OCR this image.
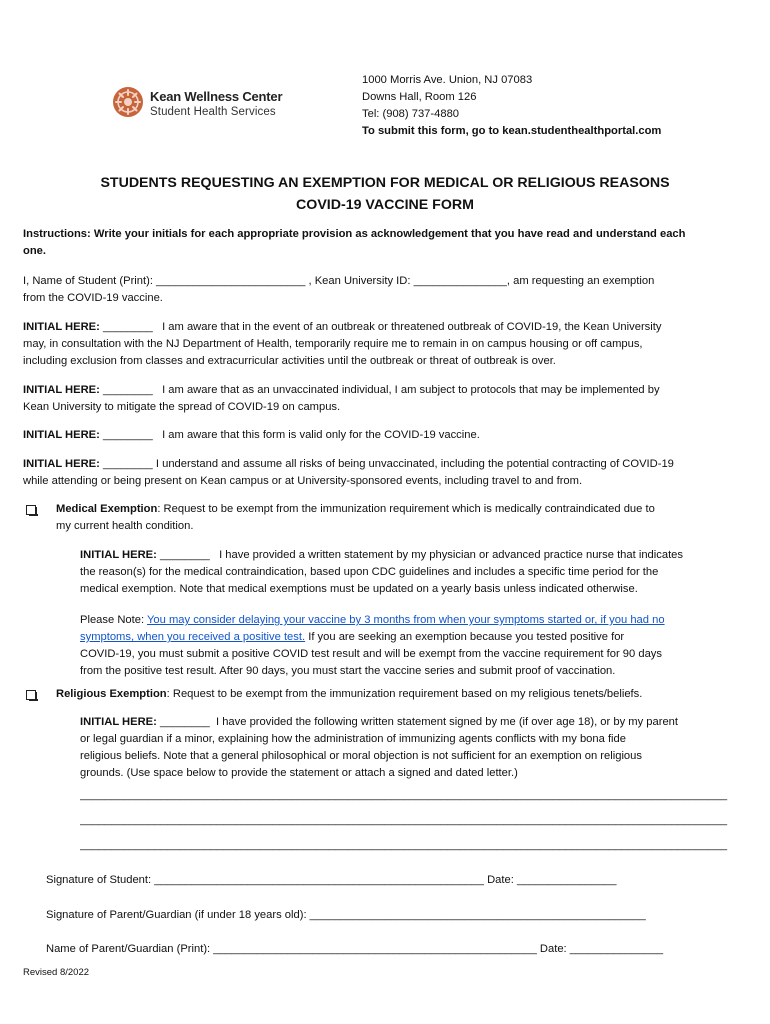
Kean Wellness Center
Student Health Services
1000 Morris Ave. Union, NJ 07083
Downs Hall, Room 126
Tel: (908) 737-4880
To submit this form, go to kean.studenthealthportal.com
STUDENTS REQUESTING AN EXEMPTION FOR MEDICAL OR RELIGIOUS REASONS
COVID-19 VACCINE FORM
Instructions: Write your initials for each appropriate provision as acknowledgement that you have read and understand each
one.
I, Name of Student (Print): ________________________ , Kean University ID: _______________, am requesting an exemption
from the COVID-19 vaccine.
INITIAL HERE: ________ I am aware that in the event of an outbreak or threatened outbreak of COVID-19, the Kean University
may, in consultation with the NJ Department of Health, temporarily require me to remain in on campus housing or off campus,
including exclusion from classes and extracurricular activities until the outbreak or threat of outbreak is over.
INITIAL HERE: ________ I am aware that as an unvaccinated individual, I am subject to protocols that may be implemented by
Kean University to mitigate the spread of COVID-19 on campus.
INITIAL HERE: ________ I am aware that this form is valid only for the COVID-19 vaccine.
INITIAL HERE: ________ I understand and assume all risks of being unvaccinated, including the potential contracting of COVID-19
while attending or being present on Kean campus or at University-sponsored events, including travel to and from.
Medical Exemption: Request to be exempt from the immunization requirement which is medically contraindicated due to
my current health condition.
INITIAL HERE: ________ I have provided a written statement by my physician or advanced practice nurse that indicates
the reason(s) for the medical contraindication, based upon CDC guidelines and includes a specific time period for the
medical exemption. Note that medical exemptions must be updated on a yearly basis unless indicated otherwise.
Please Note: You may consider delaying your vaccine by 3 months from when your symptoms started or, if you had no
symptoms, when you received a positive test. If you are seeking an exemption because you tested positive for
COVID-19, you must submit a positive COVID test result and will be exempt from the vaccine requirement for 90 days
from the positive test result. After 90 days, you must start the vaccine series and submit proof of vaccination.
Religious Exemption: Request to be exempt from the immunization requirement based on my religious tenets/beliefs.
INITIAL HERE: ________ I have provided the following written statement signed by me (if over age 18), or by my parent
or legal guardian if a minor, explaining how the administration of immunizing agents conflicts with my bona fide
religious beliefs. Note that a general philosophical or moral objection is not sufficient for an exemption on religious
grounds. (Use space below to provide the statement or attach a signed and dated letter.)
________________________________________________________________________________________________________
________________________________________________________________________________________________________
________________________________________________________________________________________________________
Signature of Student: _____________________________________________________ Date: ________________
Signature of Parent/Guardian (if under 18 years old): ______________________________________________________
Name of Parent/Guardian (Print): ____________________________________________________ Date: _______________
Revised 8/2022
